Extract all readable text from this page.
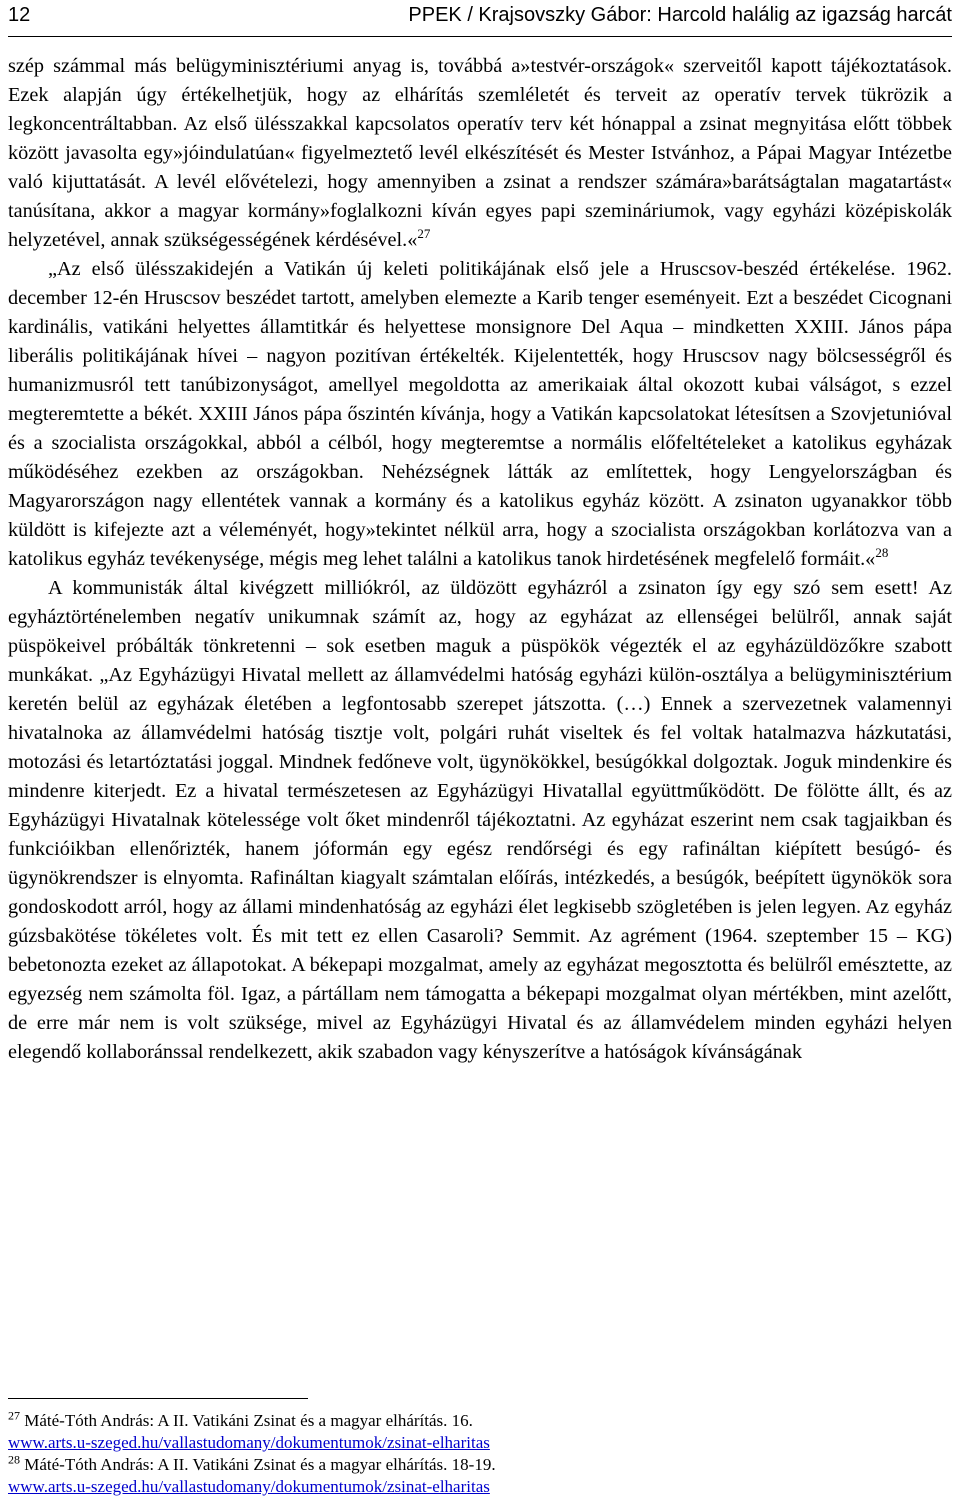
12	PPEK / Krajsovszky Gábor: Harcold halálig az igazság harcát

szép számmal más belügyminisztériumi anyag is, továbbá a»testvér-országok« szerveitől kapott tájékoztatások. Ezek alapján úgy értékelhetjük, hogy az elhárítás szemléletét és terveit az operatív tervek tükrözik a legkoncentráltabban. Az első ülésszakkal kapcsolatos operatív terv két hónappal a zsinat megnyitása előtt többek között javasolta egy»jóindulatúan« figyelmeztető levél elkészítését és Mester Istvánhoz, a Pápai Magyar Intézetbe való kijuttatását. A levél elővételezi, hogy amennyiben a zsinat a rendszer számára»barátságtalan magatartást« tanúsítana, akkor a magyar kormány»foglalkozni kíván egyes papi szemináriumok, vagy egyházi középiskolák helyzetével, annak szükségességének kérdésével.«$^{27}$

„Az első ülésszakidején a Vatikán új keleti politikájának első jele a Hruscsov-beszéd értékelése. 1962. december 12-én Hruscsov beszédet tartott, amelyben elemezte a Karib tenger eseményeit. Ezt a beszédet Cicognani kardinális, vatikáni helyettes államtitkár és helyettese monsignore Del Aqua – mindketten XXIII. János pápa liberális politikájának hívei – nagyon pozitívan értékelték. Kijelentették, hogy Hruscsov nagy bölcsességről és humanizmusról tett tanúbizonyságot, amellyel megoldotta az amerikaiak által okozott kubai válságot, s ezzel megteremtette a békét. XXIII János pápa őszintén kívánja, hogy a Vatikán kapcsolatokat létesítsen a Szovjetunióval és a szocialista országokkal, abból a célból, hogy megteremtse a normális előfeltételeket a katolikus egyházak működéséhez ezekben az országokban. Nehézségnek látták az említettek, hogy Lengyelországban és Magyarországon nagy ellentétek vannak a kormány és a katolikus egyház között. A zsinaton ugyanakkor több küldött is kifejezte azt a véleményét, hogy»tekintet nélkül arra, hogy a szocialista országokban korlátozva van a katolikus egyház tevékenysége, mégis meg lehet találni a katolikus tanok hirdetésének megfelelő formáit.«$^{28}$

A kommunisták által kivégzett milliókról, az üldözött egyházról a zsinaton így egy szó sem esett! Az egyháztörténelemben negatív unikumnak számít az, hogy az egyházat az ellenségei belülről, annak saját püspökeivel próbálták tönkretenni – sok esetben maguk a püspökök végezték el az egyházüldözőkre szabott munkákat. „Az Egyházügyi Hivatal mellett az államvédelmi hatóság egyházi külön-osztálya a belügyminisztérium keretén belül az egyházak életében a legfontosabb szerepet játszotta. (…) Ennek a szervezetnek valamennyi hivatalnoka az államvédelmi hatóság tisztje volt, polgári ruhát viseltek és fel voltak hatalmazva házkutatási, motozási és letartóztatási joggal. Mindnek fedőneve volt, ügynökökkel, besúgókkal dolgoztak. Joguk mindenkire és mindenre kiterjedt. Ez a hivatal természetesen az Egyházügyi Hivatallal együttműködött. De fölötte állt, és az Egyházügyi Hivatalnak kötelessége volt őket mindenről tájékoztatni. Az egyházat eszerint nem csak tagjaikban és funkcióikban ellenőrizték, hanem jóformán egy egész rendőrségi és egy rafináltan kiépített besúgó- és ügynökrendszer is elnyomta. Rafináltan kiagyalt számtalan előírás, intézkedés, a besúgók, beépített ügynökök sora gondoskodott arról, hogy az állami mindenhatóság az egyházi élet legkisebb szögletében is jelen legyen. Az egyház gúzsbakötése tökéletes volt. És mit tett ez ellen Casaroli? Semmit. Az agrément (1964. szeptember 15 – KG) bebetonozta ezeket az állapotokat. A békepapi mozgalmat, amely az egyházat megosztotta és belülről emésztette, az egyezség nem számolta föl. Igaz, a pártállam nem támogatta a békepapi mozgalmat olyan mértékben, mint azelőtt, de erre már nem is volt szüksége, mivel az Egyházügyi Hivatal és az államvédelem minden egyházi helyen elegendő kollaboránssal rendelkezett, akik szabadon vagy kényszerítve a hatóságok kívánságának

$^{27}$ Máté-Tóth András: A II. Vatikáni Zsinat és a magyar elhárítás. 16.

www.arts.u-szeged.hu/vallastudomany/dokumentumok/zsinat-elharitas

$^{28}$ Máté-Tóth András: A II. Vatikáni Zsinat és a magyar elhárítás. 18-19.

www.arts.u-szeged.hu/vallastudomany/dokumentumok/zsinat-elharitas
